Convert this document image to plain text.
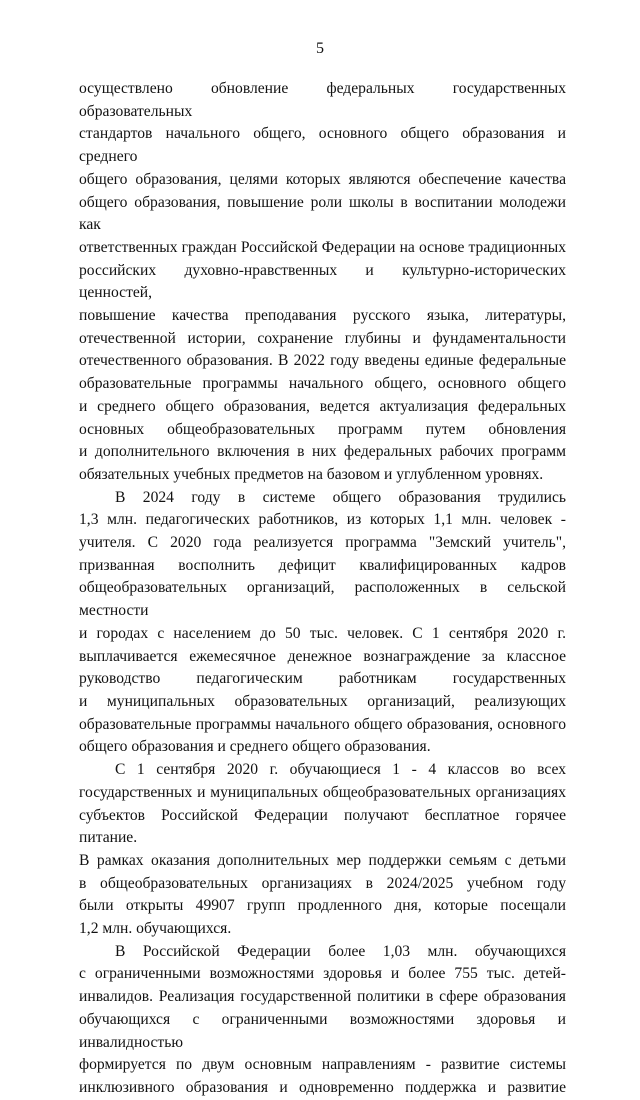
5

осуществлено обновление федеральных государственных образовательных
стандартов начального общего, основного общего образования и среднего
общего образования, целями которых являются обеспечение качества
общего образования, повышение роли школы в воспитании молодежи как
ответственных граждан Российской Федерации на основе традиционных
российских духовно-нравственных и культурно-исторических ценностей,
повышение качества преподавания русского языка, литературы,
отечественной истории, сохранение глубины и фундаментальности
отечественного образования. В 2022 году введены единые федеральные
образовательные программы начального общего, основного общего
и среднего общего образования, ведется актуализация федеральных
основных общеобразовательных программ путем обновления
и дополнительного включения в них федеральных рабочих программ
обязательных учебных предметов на базовом и углубленном уровнях.

В 2024 году в системе общего образования трудились
1,3 млн. педагогических работников, из которых 1,1 млн. человек -
учителя. С 2020 года реализуется программа "Земский учитель",
призванная восполнить дефицит квалифицированных кадров
общеобразовательных организаций, расположенных в сельской местности
и городах с населением до 50 тыс. человек. С 1 сентября 2020 г.
выплачивается ежемесячное денежное вознаграждение за классное
руководство педагогическим работникам государственных
и муниципальных образовательных организаций, реализующих
образовательные программы начального общего образования, основного
общего образования и среднего общего образования.

С 1 сентября 2020 г. обучающиеся 1 - 4 классов во всех
государственных и муниципальных общеобразовательных организациях
субъектов Российской Федерации получают бесплатное горячее питание.
В рамках оказания дополнительных мер поддержки семьям с детьми
в общеобразовательных организациях в 2024/2025 учебном году
были открыты 49907 групп продленного дня, которые посещали
1,2 млн. обучающихся.

В Российской Федерации более 1,03 млн. обучающихся
с ограниченными возможностями здоровья и более 755 тыс. детей-
инвалидов. Реализация государственной политики в сфере образования
обучающихся с ограниченными возможностями здоровья и инвалидностью
формируется по двум основным направлениям - развитие системы
инклюзивного образования и одновременно поддержка и развитие
